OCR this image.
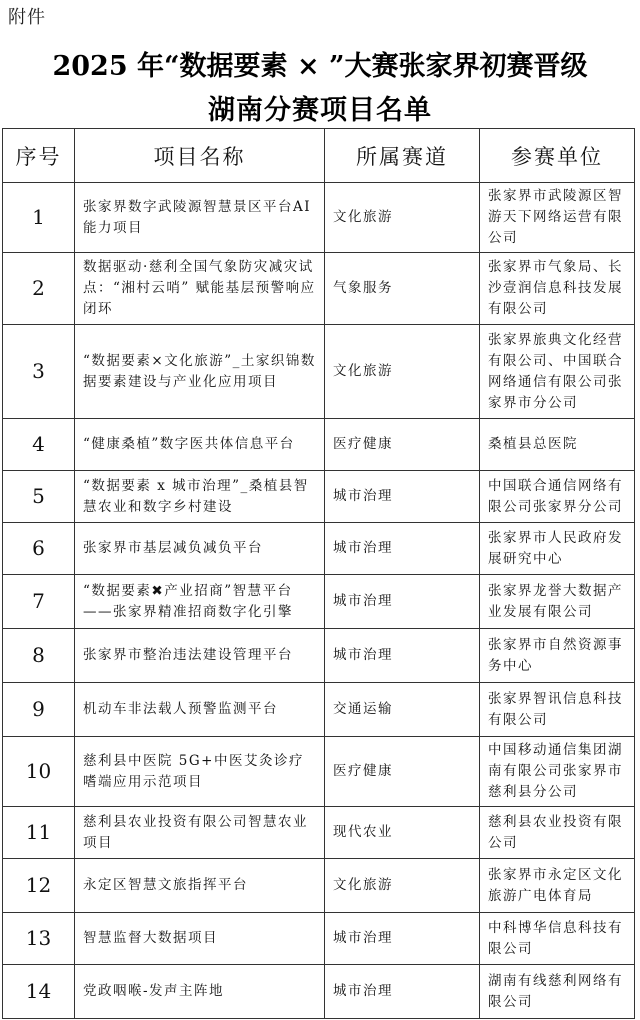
附件
2025 年“数据要素 × ”大赛张家界初赛晋级
湖南分赛项目名单
序号	项目名称	所属赛道	参赛单位
1	张家界数字武陵源智慧景区平台AI 能力项目	文化旅游	张家界市武陵源区智游天下网络运营有限公司
2	数据驱动·慈利全国气象防灾减灾试点：“湘村云哨” 赋能基层预警响应闭环	气象服务	张家界市气象局、长沙壹润信息科技发展有限公司
3	“数据要素×文化旅游”_土家织锦数据要素建设与产业化应用项目	文化旅游	张家界旅典文化经营有限公司、中国联合网络通信有限公司张家界市分公司
4	“健康桑植”数字医共体信息平台	医疗健康	桑植县总医院
5	“数据要素 x 城市治理”_桑植县智慧农业和数字乡村建设	城市治理	中国联合通信网络有限公司张家界分公司
6	张家界市基层减负减负平台	城市治理	张家界市人民政府发展研究中心
7	“数据要素✖产业招商”智慧平台——张家界精准招商数字化引擎	城市治理	张家界龙誉大数据产业发展有限公司
8	张家界市整治违法建设管理平台	城市治理	张家界市自然资源事务中心
9	机动车非法载人预警监测平台	交通运输	张家界智讯信息科技有限公司
10	慈利县中医院 5G+中医艾灸诊疗嗜端应用示范项目	医疗健康	中国移动通信集团湖南有限公司张家界市慈利县分公司
11	慈利县农业投资有限公司智慧农业项目	现代农业	慈利县农业投资有限公司
12	永定区智慧文旅指挥平台	文化旅游	张家界市永定区文化旅游广电体育局
13	智慧监督大数据项目	城市治理	中科博华信息科技有限公司
14	党政咽喉-发声主阵地	城市治理	湖南有线慈利网络有限公司
